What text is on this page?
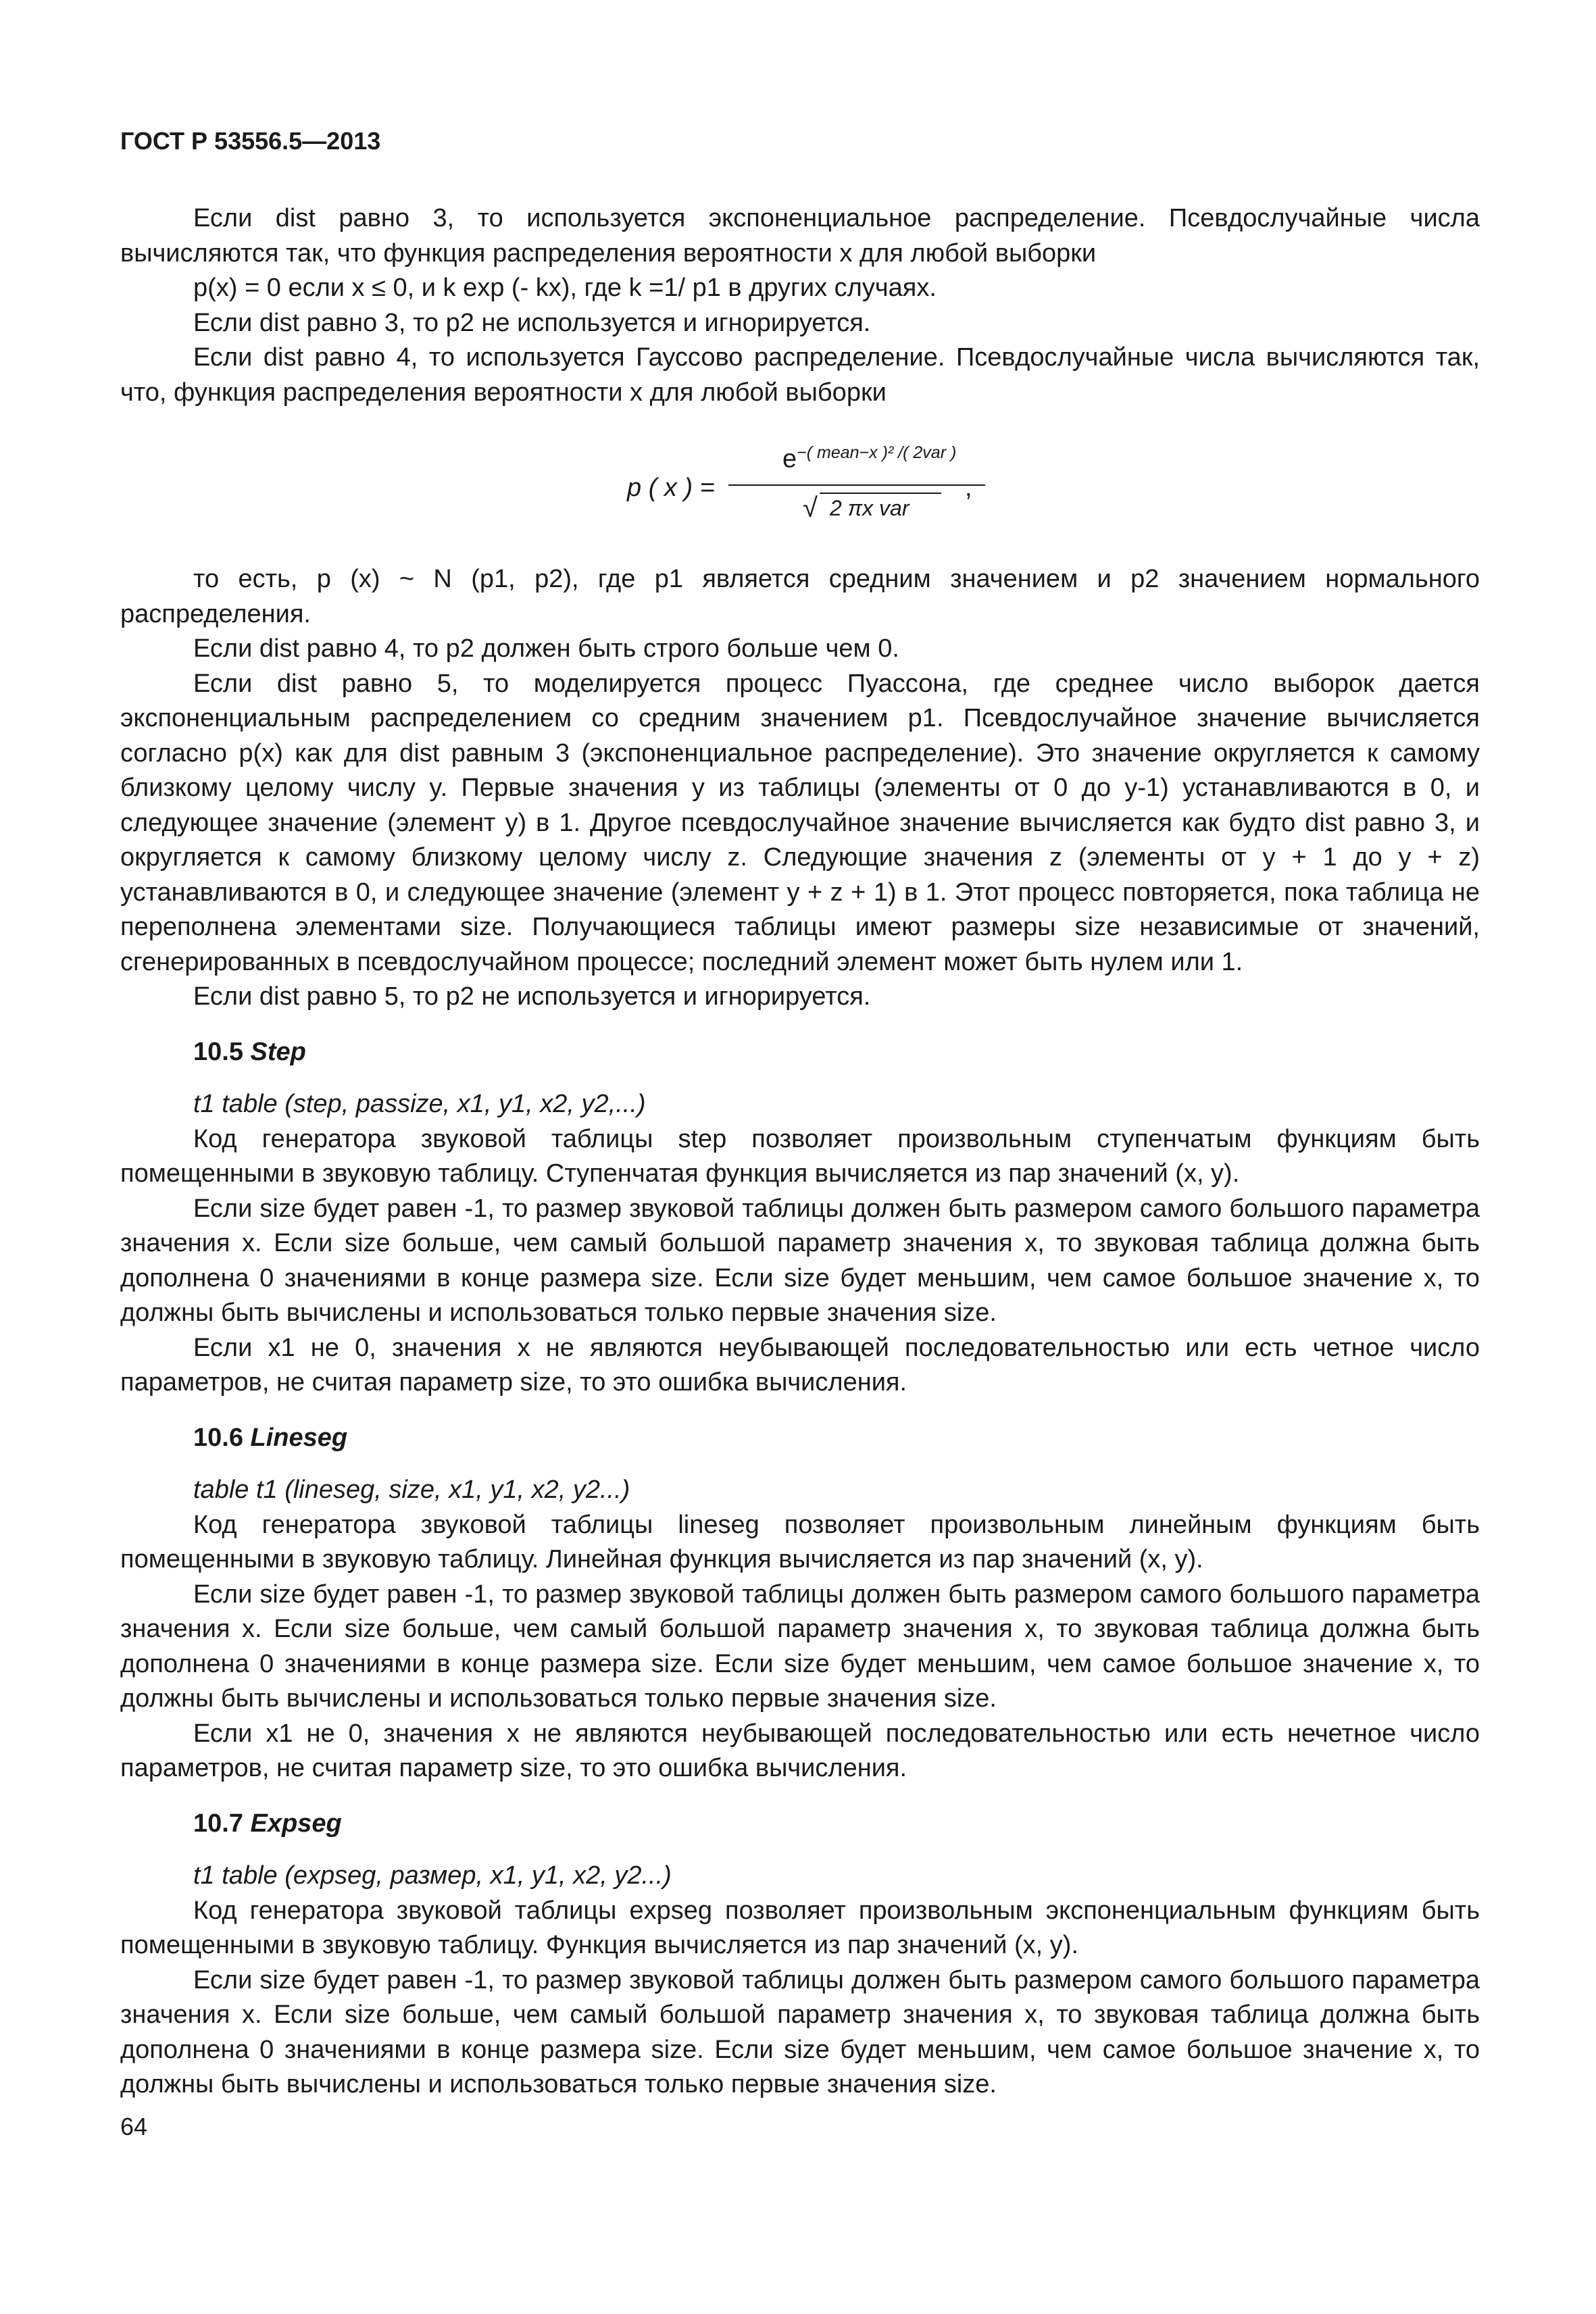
ГОСТ Р 53556.5—2013

Если dist равно 3, то используется экспоненциальное распределение. Псевдослучайные числа вычисляются так, что функция распределения вероятности x для любой выборки

p(x) = 0 если x ≤ 0, и k exp (- kx), где k =1/ p1 в других случаях.

Если dist равно 3, то p2 не используется и игнорируется.

Если dist равно 4, то используется Гауссово распределение. Псевдослучайные числа вычисляются так, что, функция распределения вероятности x для любой выборки

p ( x ) =
$e^{-( mean-x )^2 /( 2var )}$
√ 2 πx var
,

то есть, p (x) ~ N (p1, p2), где p1 является средним значением и p2 значением нормального распределения.

Если dist равно 4, то p2 должен быть строго больше чем 0.

Если dist равно 5, то моделируется процесс Пуассона, где среднее число выборок дается экспоненциальным распределением со средним значением p1. Псевдослучайное значение вычисляется согласно p(x) как для dist равным 3 (экспоненциальное распределение). Это значение округляется к самому близкому целому числу y. Первые значения y из таблицы (элементы от 0 до y-1) устанавливаются в 0, и следующее значение (элемент y) в 1. Другое псевдослучайное значение вычисляется как будто dist равно 3, и округляется к самому близкому целому числу z. Следующие значения z (элементы от y + 1 до y + z) устанавливаются в 0, и следующее значение (элемент y + z + 1) в 1. Этот процесс повторяется, пока таблица не переполнена элементами size. Получающиеся таблицы имеют размеры size независимые от значений, сгенерированных в псевдослучайном процессе; последний элемент может быть нулем или 1.

Если dist равно 5, то p2 не используется и игнорируется.

10.5 Step
t1 table (step, passize, x1, y1, x2, y2,...)

Код генератора звуковой таблицы step позволяет произвольным ступенчатым функциям быть помещенными в звуковую таблицу. Ступенчатая функция вычисляется из пар значений (x, y).

Если size будет равен -1, то размер звуковой таблицы должен быть размером самого большого параметра значения x. Если size больше, чем самый большой параметр значения x, то звуковая таблица должна быть дополнена 0 значениями в конце размера size. Если size будет меньшим, чем самое большое значение x, то должны быть вычислены и использоваться только первые значения size.

Если x1 не 0, значения x не являются неубывающей последовательностью или есть четное число параметров, не считая параметр size, то это ошибка вычисления.

10.6 Lineseg
table t1 (lineseg, size, x1, y1, x2, y2...)

Код генератора звуковой таблицы lineseg позволяет произвольным линейным функциям быть помещенными в звуковую таблицу. Линейная функция вычисляется из пар значений (x, y).

Если size будет равен -1, то размер звуковой таблицы должен быть размером самого большого параметра значения x. Если size больше, чем самый большой параметр значения x, то звуковая таблица должна быть дополнена 0 значениями в конце размера size. Если size будет меньшим, чем самое большое значение x, то должны быть вычислены и использоваться только первые значения size.

Если x1 не 0, значения x не являются неубывающей последовательностью или есть нечетное число параметров, не считая параметр size, то это ошибка вычисления.

10.7 Expseg
t1 table (expseg, размер, x1, y1, x2, y2...)

Код генератора звуковой таблицы expseg позволяет произвольным экспоненциальным функциям быть помещенными в звуковую таблицу. Функция вычисляется из пар значений (x, y).

Если size будет равен -1, то размер звуковой таблицы должен быть размером самого большого параметра значения x. Если size больше, чем самый большой параметр значения x, то звуковая таблица должна быть дополнена 0 значениями в конце размера size. Если size будет меньшим, чем самое большое значение x, то должны быть вычислены и использоваться только первые значения size.

64
